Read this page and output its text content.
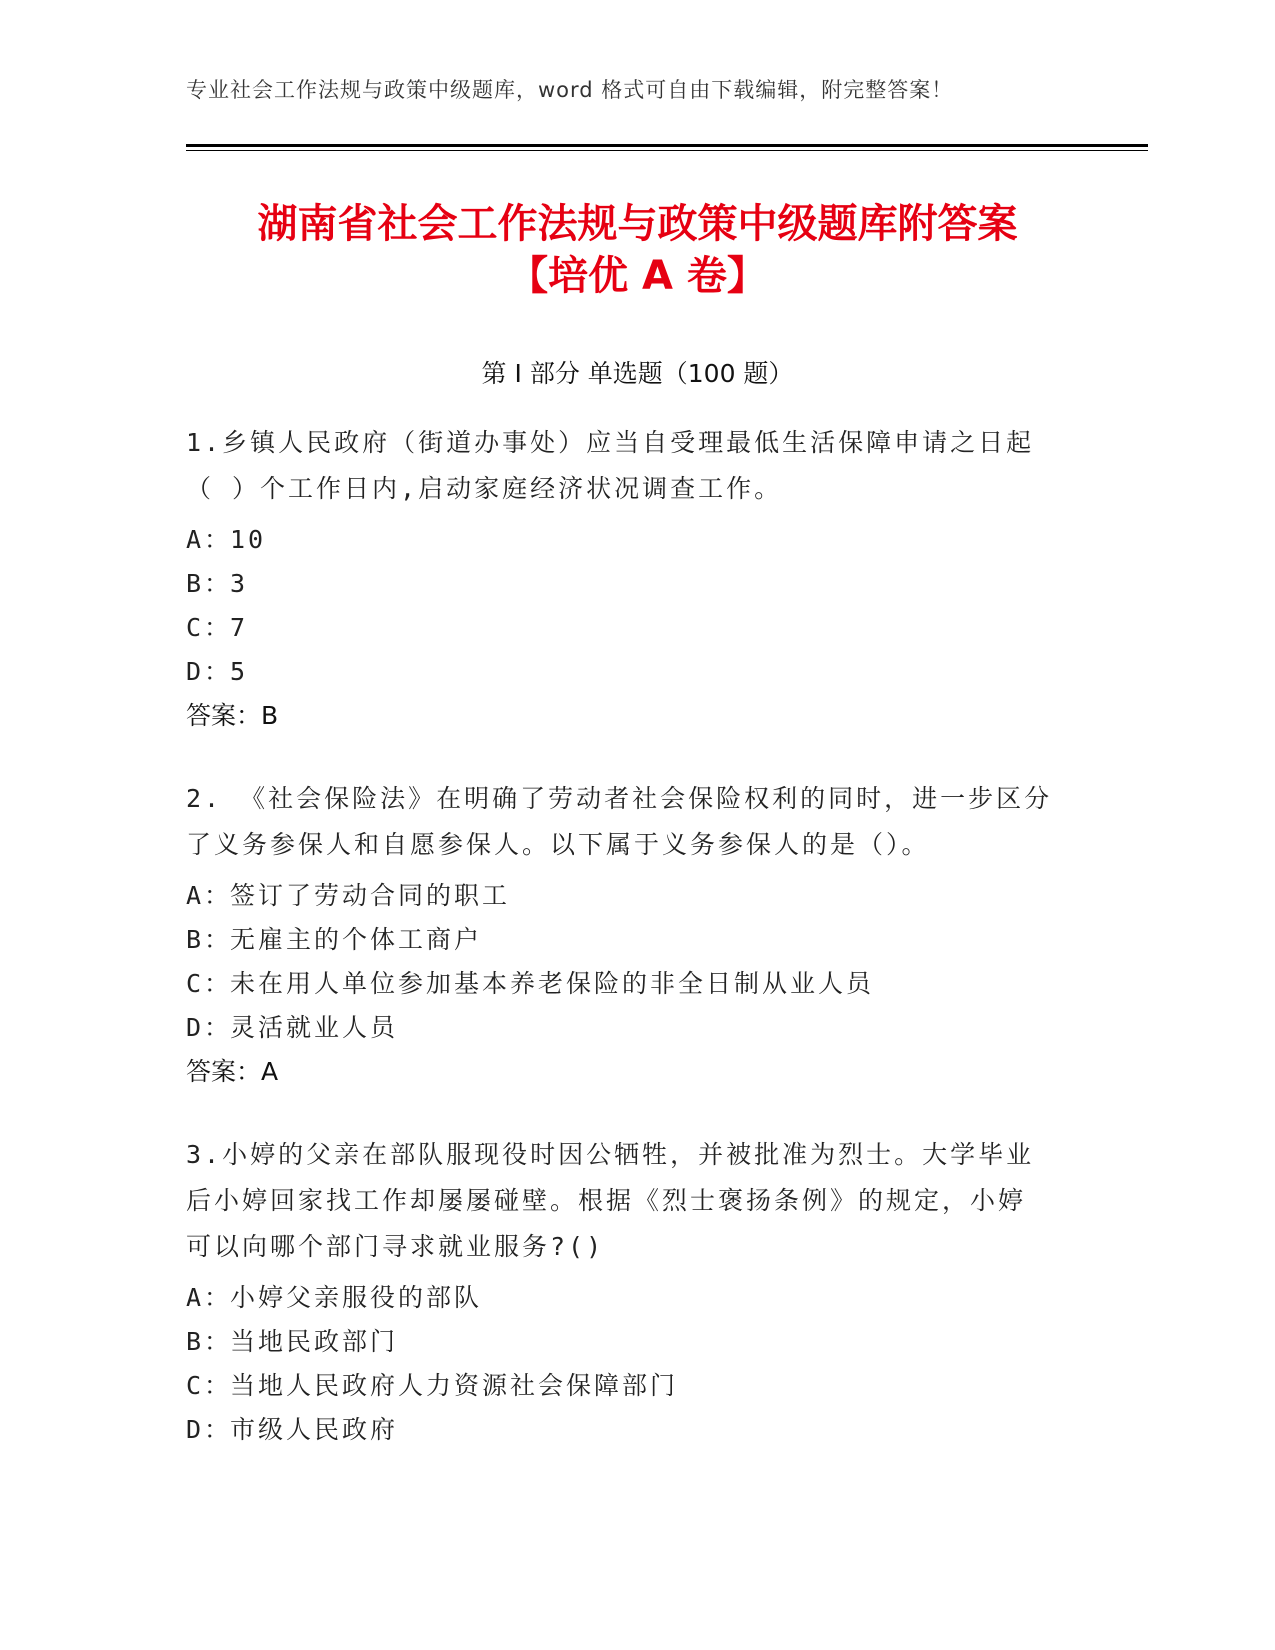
专业社会工作法规与政策中级题库，word 格式可自由下载编辑，附完整答案！
湖南省社会工作法规与政策中级题库附答案
【培优 A 卷】
第 I 部分 单选题（100 题）
1.乡镇人民政府（街道办事处）应当自受理最低生活保障申请之日起
（ ）个工作日内,启动家庭经济状况调查工作。
A：10
B：3
C：7
D：5
答案：B
2. 《社会保险法》在明确了劳动者社会保险权利的同时，进一步区分
了义务参保人和自愿参保人。以下属于义务参保人的是（）。
A：签订了劳动合同的职工
B：无雇主的个体工商户
C：未在用人单位参加基本养老保险的非全日制从业人员
D：灵活就业人员
答案：A
3.小婷的父亲在部队服现役时因公牺牲，并被批准为烈士。大学毕业
后小婷回家找工作却屡屡碰壁。根据《烈士褒扬条例》的规定，小婷
可以向哪个部门寻求就业服务?()
A：小婷父亲服役的部队
B：当地民政部门
C：当地人民政府人力资源社会保障部门
D：市级人民政府
